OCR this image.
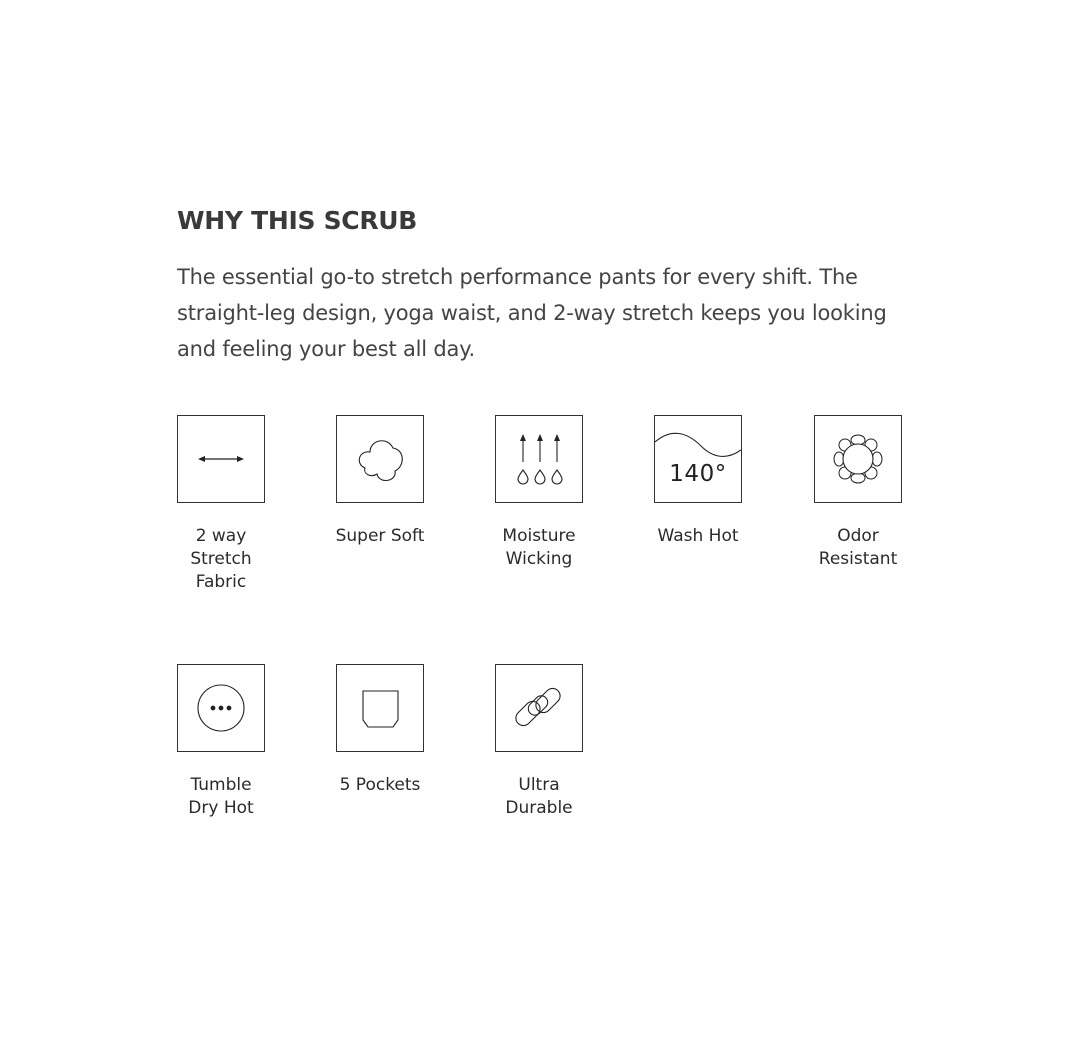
WHY THIS SCRUB

The essential go-to stretch performance pants for every shift. The straight-leg design, yoga waist, and 2-way stretch keeps you looking and feeling your best all day.

2 way
Stretch
Fabric
Super Soft	Moisture
Wicking
140°
Wash Hot	Odor
Resistant
Tumble
Dry Hot
5 Pockets	Ultra
Durable
